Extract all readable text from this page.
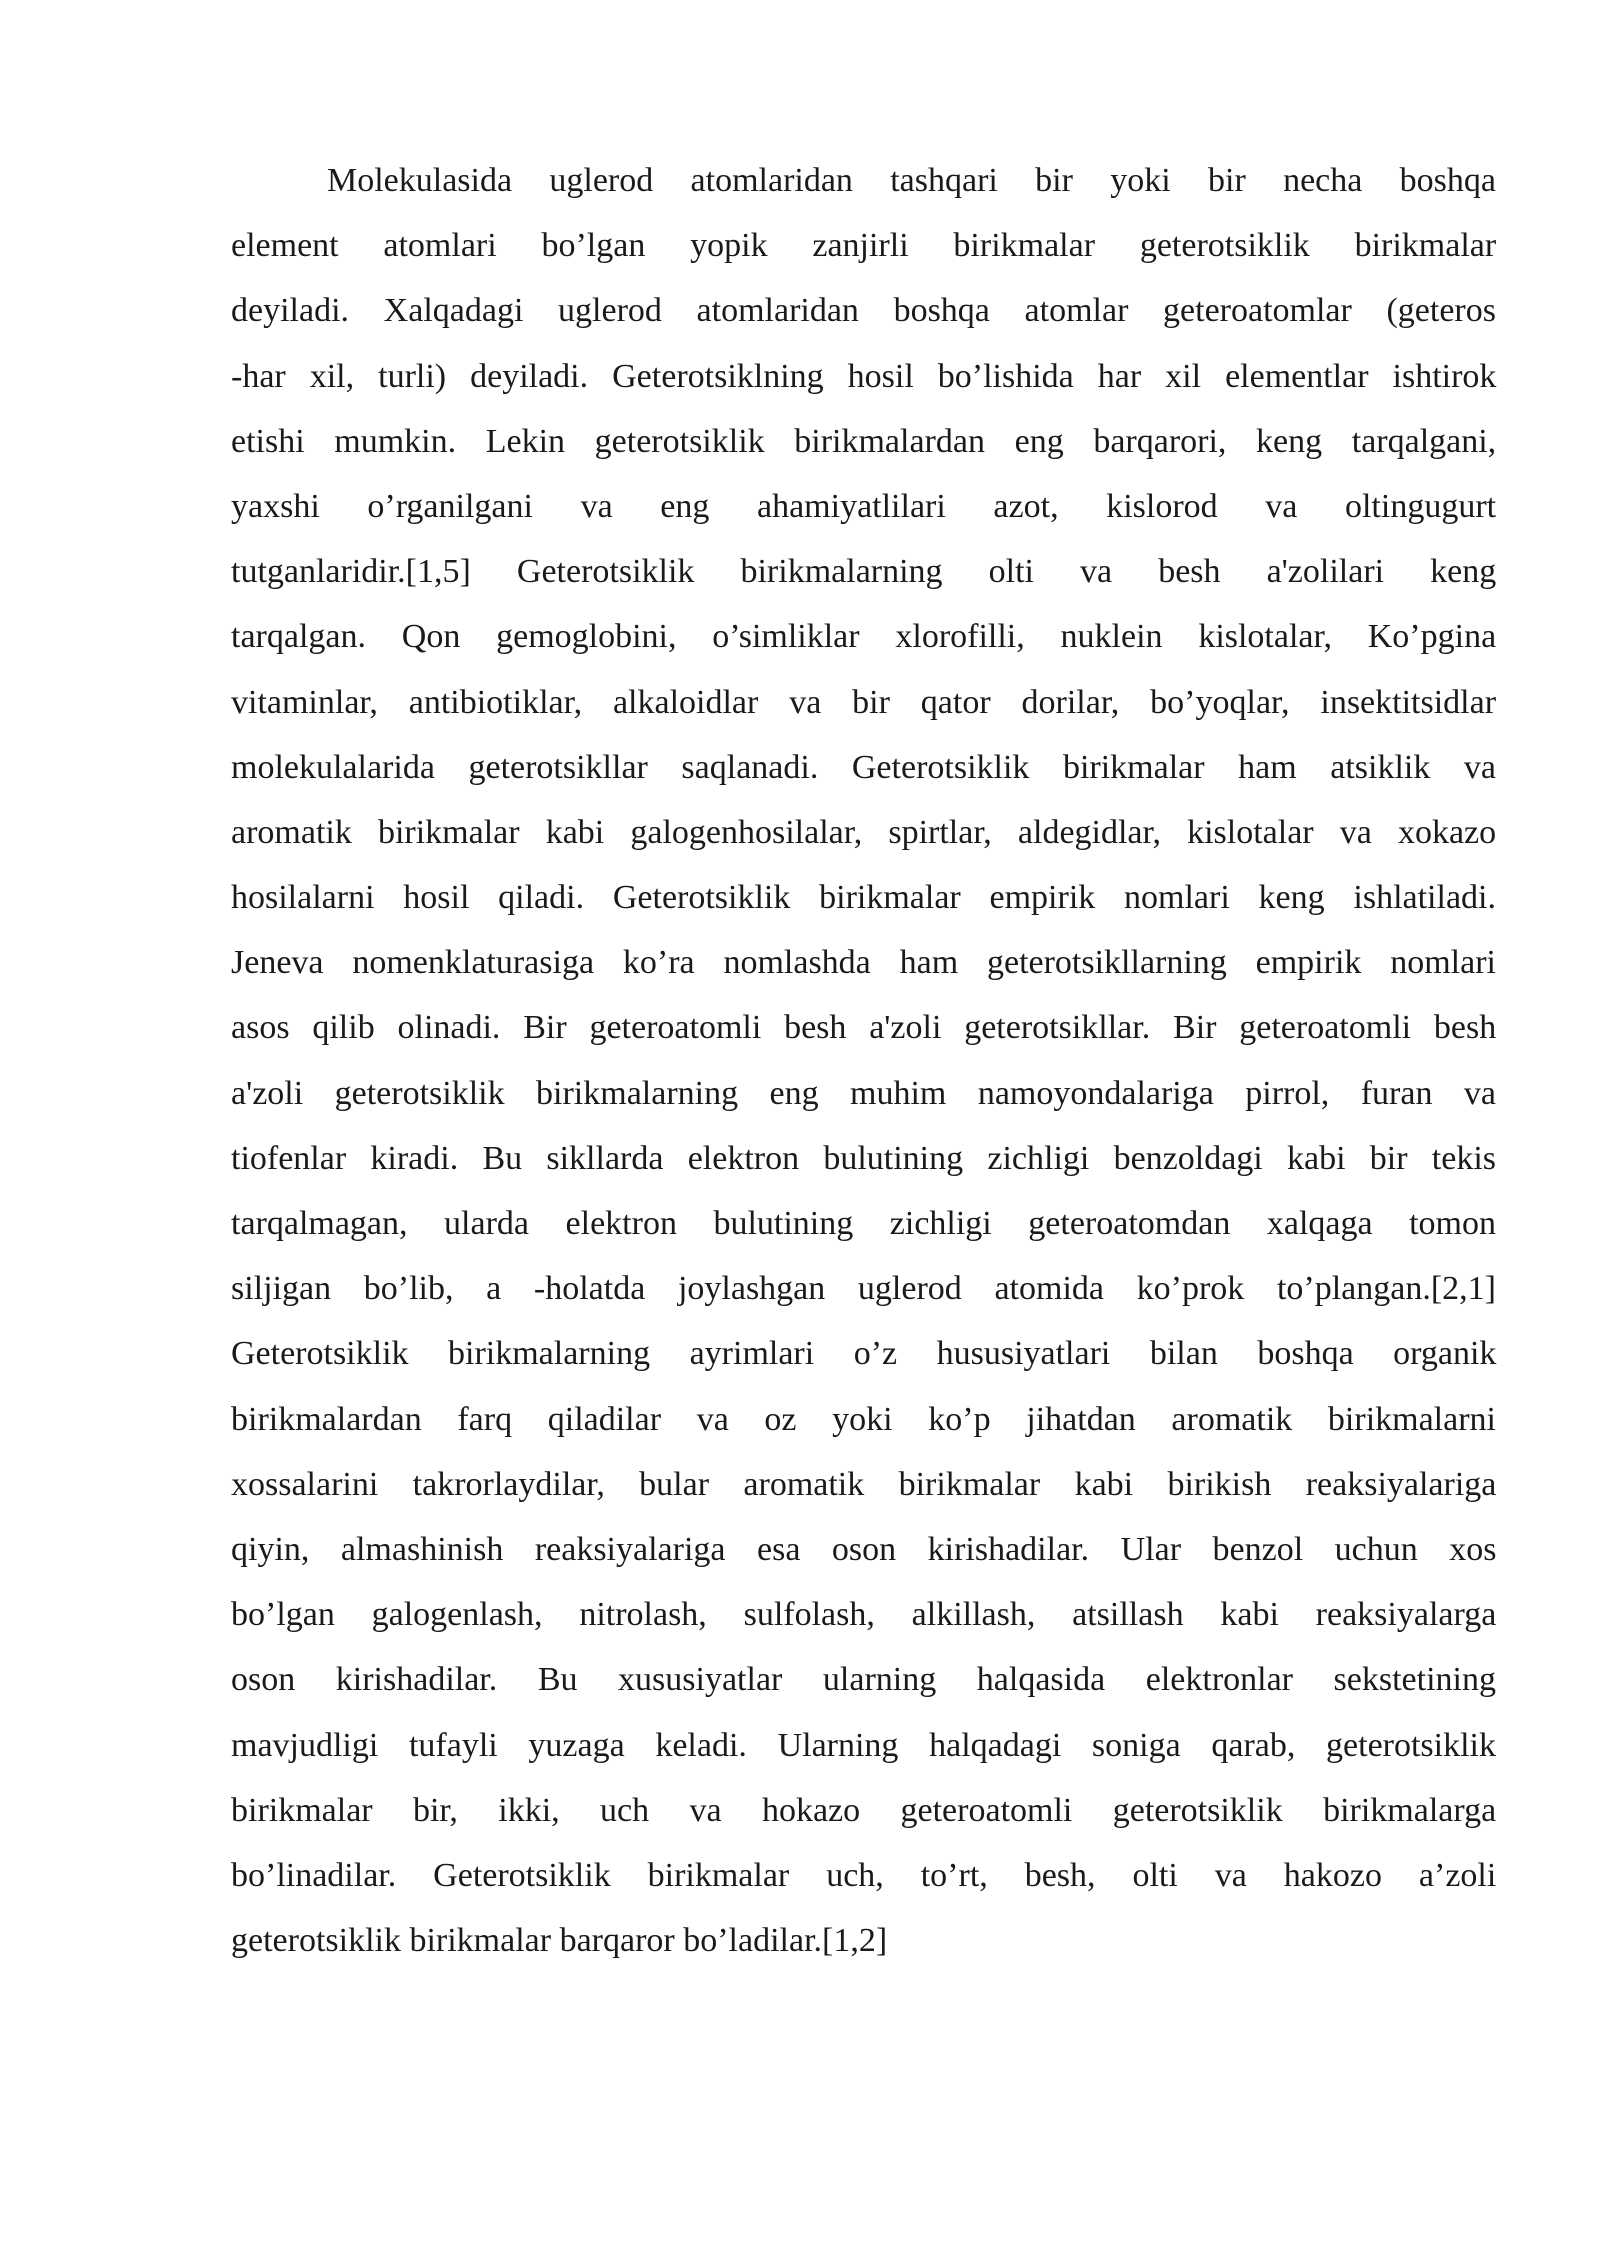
Molekulasida uglerod atomlaridan tashqari bir yoki bir necha boshqa
element atomlari bo’lgan yopik zanjirli birikmalar geterotsiklik birikmalar
deyiladi. Xalqadagi uglerod atomlaridan boshqa atomlar geteroatomlar (geteros
-har xil, turli) deyiladi. Geterotsiklning hosil bo’lishida har xil elementlar ishtirok
etishi mumkin. Lekin geterotsiklik birikmalardan eng barqarori, keng tarqalgani,
yaxshi o’rganilgani va eng ahamiyatlilari azot, kislorod va oltingugurt
tutganlaridir.[1,5] Geterotsiklik birikmalarning olti va besh a'zolilari keng
tarqalgan. Qon gemoglobini, o’simliklar xlorofilli, nuklein kislotalar, Ko’pgina
vitaminlar, antibiotiklar, alkaloidlar va bir qator dorilar, bo’yoqlar, insektitsidlar
molekulalarida geterotsikllar saqlanadi. Geterotsiklik birikmalar ham atsiklik va
aromatik birikmalar kabi galogenhosilalar, spirtlar, aldegidlar, kislotalar va xokazo
hosilalarni hosil qiladi. Geterotsiklik birikmalar empirik nomlari keng ishlatiladi.
Jeneva nomenklaturasiga ko’ra nomlashda ham geterotsikllarning empirik nomlari
asos qilib olinadi. Bir geteroatomli besh a'zoli geterotsikllar. Bir geteroatomli besh
a'zoli geterotsiklik birikmalarning eng muhim namoyondalariga pirrol, furan va
tiofenlar kiradi. Bu sikllarda elektron bulutining zichligi benzoldagi kabi bir tekis
tarqalmagan, ularda elektron bulutining zichligi geteroatomdan xalqaga tomon
siljigan bo’lib, a -holatda joylashgan uglerod atomida ko’prok to’plangan.[2,1]
Geterotsiklik birikmalarning ayrimlari o’z hususiyatlari bilan boshqa organik
birikmalardan farq qiladilar va oz yoki ko’p jihatdan aromatik birikmalarni
xossalarini takrorlaydilar, bular aromatik birikmalar kabi birikish reaksiyalariga
qiyin, almashinish reaksiyalariga esa oson kirishadilar. Ular benzol uchun xos
bo’lgan galogenlash, nitrolash, sulfolash, alkillash, atsillash kabi reaksiyalarga
oson kirishadilar. Bu xususiyatlar ularning halqasida elektronlar sekstetining
mavjudligi tufayli yuzaga keladi. Ularning halqadagi soniga qarab, geterotsiklik
birikmalar bir, ikki, uch va hokazo geteroatomli geterotsiklik birikmalarga
bo’linadilar. Geterotsiklik birikmalar uch, to’rt, besh, olti va hakozo a’zoli
geterotsiklik birikmalar barqaror bo’ladilar.[1,2]
